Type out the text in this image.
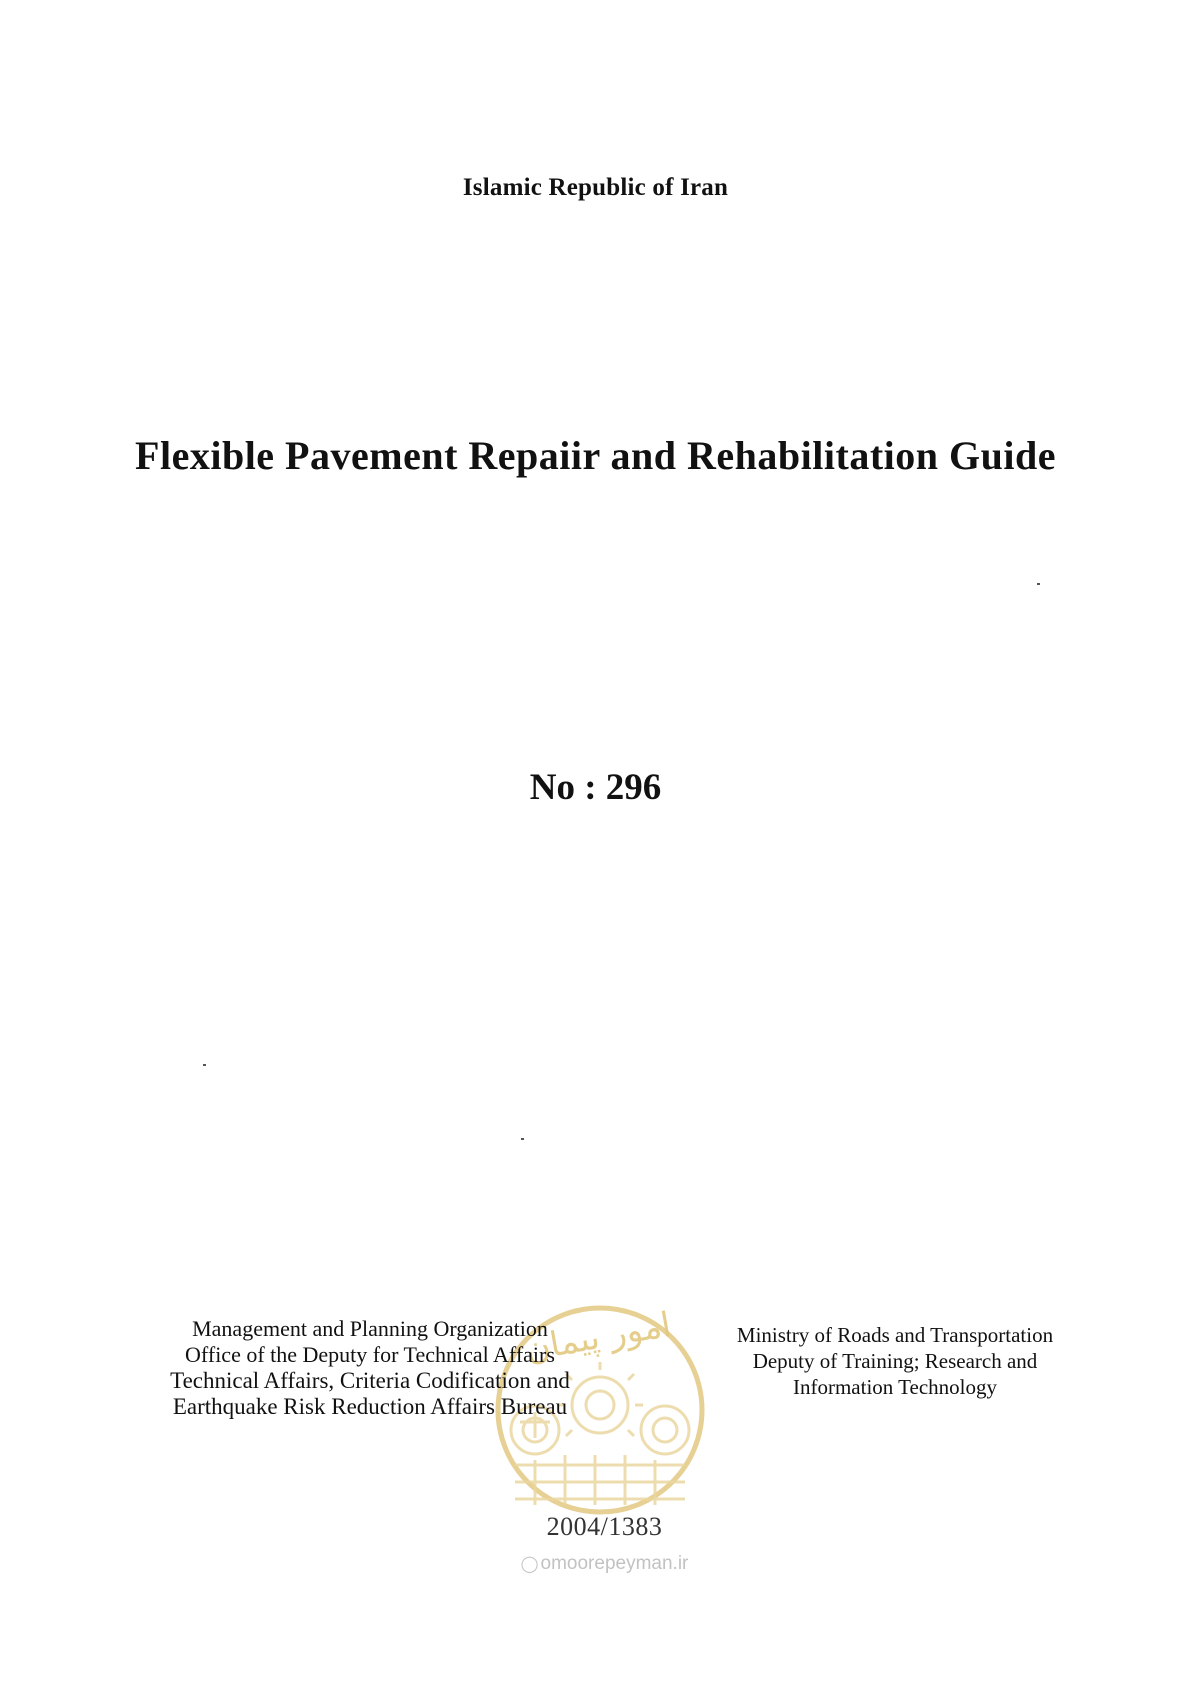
Islamic Republic of Iran
Flexible Pavement Repaiir and Rehabilitation Guide
No : 296
امور پیمان
Management and Planning Organization
Office of the Deputy for Technical Affairs
Technical Affairs, Criteria Codification and
Earthquake Risk Reduction Affairs Bureau
Ministry of Roads and Transportation
Deputy of Training; Research and
Information Technology
2004/1383
◯ omoorepeyman.ir
